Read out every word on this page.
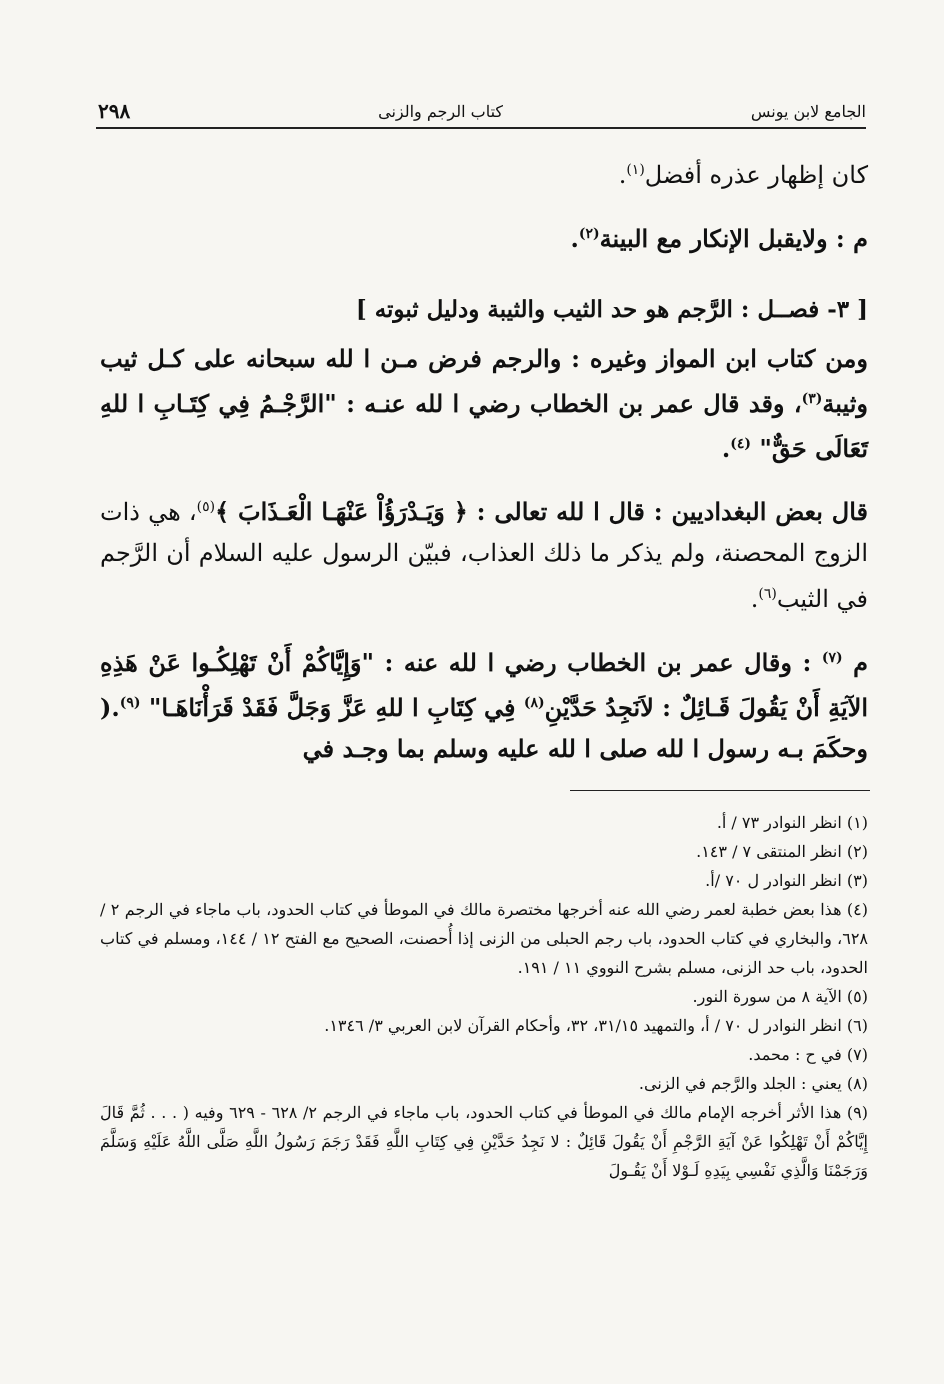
الجامع لابن يونس
كتاب الرجم والزنى
٢٩٨

كان إظهار عذره أفضل$^{(١)}$.

م : ولايقبل الإنكار مع البينة$^{(٢)}$.

[ ٣- فصــل : الرَّجم هو حد الثيب والثيبة ودليل ثبوته ]

ومن كتاب ابن المواز وغيره : والرجم فرض مـن ا لله سبحانه على كـل ثيب وثيبة$^{(٣)}$، وقد قال عمر بن الخطاب رضي ا لله عنـه : "الرَّجْـمُ فِي كِتَـابِ ا للهِ تَعَالَى حَقٌّ" $^{(٤)}$.

قال بعض البغداديين : قال ا لله تعالى : ﴿ وَيَـدْرَؤُاْ عَنْهَـا الْعَـذَابَ ﴾$^{(٥)}$، هي ذات الزوج المحصنة، ولم يذكر ما ذلك العذاب، فبيّن الرسول عليه السلام أن الرَّجم في الثيب$^{(٦)}$.

م $^{(٧)}$ : وقال عمر بن الخطاب رضي ا لله عنه : "وَإِيَّاكُمْ أَنْ تَهْلِكُـوا عَنْ هَذِهِ الآيَةِ أَنْ يَقُولَ قَـائِلٌ : لاَنَجِدُ حَدَّيْنِ$^{(٨)}$ فِي كِتَابِ ا للهِ عَزَّ وَجَلَّ فَقَدْ قَرَأْنَاهَـا" $^{(٩)}$.( وحكَمَ بـه رسول ا لله صلى ا لله عليه وسلم بما وجـد في

(١) انظر النوادر ٧٣ / أ.

(٢) انظر المنتقى ٧ / ١٤٣.

(٣) انظر النوادر ل ٧٠ /أ.

(٤) هذا بعض خطبة لعمر رضي الله عنه أخرجها مختصرة مالك في الموطأ في كتاب الحدود، باب ماجاء في الرجم ٢ / ٦٢٨، والبخاري في كتاب الحدود، باب رجم الحبلى من الزنى إذا أُحصنت، الصحيح مع الفتح ١٢ / ١٤٤، ومسلم في كتاب الحدود، باب حد الزنى، مسلم بشرح النووي ١١ / ١٩١.

(٥) الآية ٨ من سورة النور.

(٦) انظر النوادر ل ٧٠ / أ، والتمهيد ٣١/١٥، ٣٢، وأحكام القرآن لابن العربي ٣/ ١٣٤٦.

(٧) في ح : محمد.

(٨) يعني : الجلد والرَّجم في الزنى.

(٩) هذا الأثر أخرجه الإمام مالك في الموطأ في كتاب الحدود، باب ماجاء في الرجم ٢/ ٦٢٨ - ٦٢٩ وفيه ( . . . ثُمَّ قَالَ إِيَّاكُمْ أَنْ تَهْلِكُوا عَنْ آيَةِ الرَّجْمِ أَنْ يَقُولَ قَائِلٌ : لا نَجِدُ حَدَّيْنِ فِي كِتَابِ اللَّهِ فَقَدْ رَجَمَ رَسُولُ اللَّهِ صَلَّى اللَّهُ عَلَيْهِ وَسَلَّمَ وَرَجَمْنَا وَالَّذِي نَفْسِي بِيَدِهِ لَـوْلا أَنْ يَقُـولَ
